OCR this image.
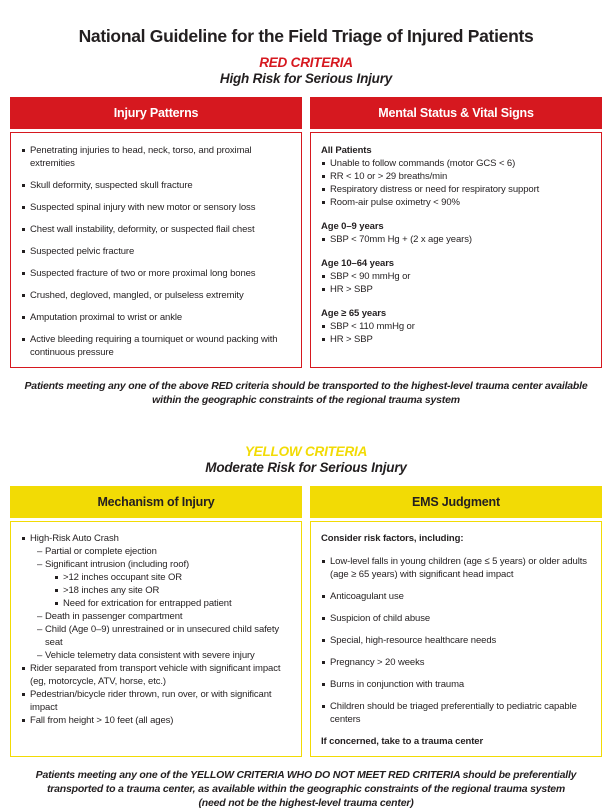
National Guideline for the Field Triage of Injured Patients
RED CRITERIA
High Risk for Serious Injury
Injury Patterns
Penetrating injuries to head, neck, torso, and proximal extremities
Skull deformity, suspected skull fracture
Suspected spinal injury with new motor or sensory loss
Chest wall instability, deformity, or suspected flail chest
Suspected pelvic fracture
Suspected fracture of two or more proximal long bones
Crushed, degloved, mangled, or pulseless extremity
Amputation proximal to wrist or ankle
Active bleeding requiring a tourniquet or wound packing with continuous pressure
Mental Status & Vital Signs
All Patients
Unable to follow commands (motor GCS < 6)
RR < 10 or > 29 breaths/min
Respiratory distress or need for respiratory support
Room-air pulse oximetry < 90%
Age 0–9 years
SBP < 70mm Hg + (2 x age years)
Age 10–64 years
SBP < 90 mmHg or
HR > SBP
Age ≥ 65 years
SBP < 110 mmHg or
HR > SBP
Patients meeting any one of the above RED criteria should be transported to the highest-level trauma center available within the geographic constraints of the regional trauma system
YELLOW CRITERIA
Moderate Risk for Serious Injury
Mechanism of Injury
High-Risk Auto Crash
–
Partial or complete ejection
–
Significant intrusion (including roof)
>12 inches occupant site OR
>18 inches any site OR
Need for extrication for entrapped patient
–
Death in passenger compartment
–
Child (Age 0–9) unrestrained or in unsecured child safety seat
–
Vehicle telemetry data consistent with severe injury
Rider separated from transport vehicle with significant impact (eg, motorcycle, ATV, horse, etc.)
Pedestrian/bicycle rider thrown, run over, or with significant impact
Fall from height > 10 feet (all ages)
EMS Judgment
Consider risk factors, including:
Low-level falls in young children (age ≤ 5 years) or older adults (age ≥ 65 years) with significant head impact
Anticoagulant use
Suspicion of child abuse
Special, high-resource healthcare needs
Pregnancy > 20 weeks
Burns in conjunction with trauma
Children should be triaged preferentially to pediatric capable centers
If concerned, take to a trauma center
Patients meeting any one of the YELLOW CRITERIA WHO DO NOT MEET RED CRITERIA should be preferentially transported to a trauma center, as available within the geographic constraints of the regional trauma system
(need not be the highest-level trauma center)
